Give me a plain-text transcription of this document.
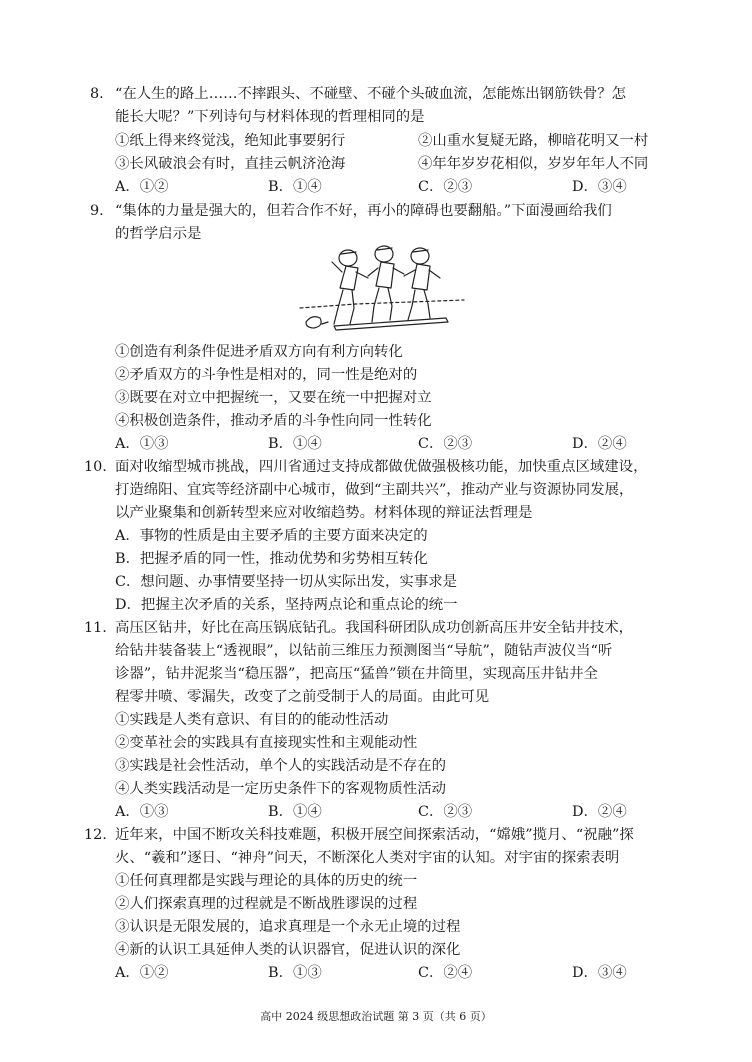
8. “在人生的路上……不摔跟头、不碰壁、不碰个头破血流，怎能炼出钢筋铁骨？怎
能长大呢？”下列诗句与材料体现的哲理相同的是
①纸上得来终觉浅，绝知此事要躬行	②山重水复疑无路，柳暗花明又一村
③长风破浪会有时，直挂云帆济沧海	④年年岁岁花相似，岁岁年年人不同
A．①②	B．①④	C．②③	D．③④
9. “集体的力量是强大的，但若合作不好，再小的障碍也要翻船。”下面漫画给我们
的哲学启示是
①创造有利条件促进矛盾双方向有利方向转化
②矛盾双方的斗争性是相对的，同一性是绝对的
③既要在对立中把握统一，又要在统一中把握对立
④积极创造条件，推动矛盾的斗争性向同一性转化
A．①③	B．①④	C．②③	D．②④
10. 面对收缩型城市挑战，四川省通过支持成都做优做强极核功能，加快重点区域建设，
打造绵阳、宜宾等经济副中心城市，做到“主副共兴”，推动产业与资源协同发展，
以产业聚集和创新转型来应对收缩趋势。材料体现的辩证法哲理是
A．事物的性质是由主要矛盾的主要方面来决定的
B．把握矛盾的同一性，推动优势和劣势相互转化
C．想问题、办事情要坚持一切从实际出发，实事求是
D．把握主次矛盾的关系，坚持两点论和重点论的统一
11. 高压区钻井，好比在高压锅底钻孔。我国科研团队成功创新高压井安全钻井技术，
给钻井装备装上“透视眼”，以钻前三维压力预测图当“导航”，随钻声波仪当“听
诊器”，钻井泥浆当“稳压器”，把高压“猛兽”锁在井筒里，实现高压井钻井全
程零井喷、零漏失，改变了之前受制于人的局面。由此可见
①实践是人类有意识、有目的的能动性活动
②变革社会的实践具有直接现实性和主观能动性
③实践是社会性活动，单个人的实践活动是不存在的
④人类实践活动是一定历史条件下的客观物质性活动
A．①③	B．①④	C．②③	D．②④
12. 近年来，中国不断攻关科技难题，积极开展空间探索活动，“嫦娥”揽月、“祝融”探
火、“羲和”逐日、“神舟”问天，不断深化人类对宇宙的认知。对宇宙的探索表明
①任何真理都是实践与理论的具体的历史的统一
②人们探索真理的过程就是不断战胜谬误的过程
③认识是无限发展的，追求真理是一个永无止境的过程
④新的认识工具延伸人类的认识器官，促进认识的深化
A．①②	B．①③	C．②④	D．③④
高中 2024 级思想政治试题 第 3 页（共 6 页）
